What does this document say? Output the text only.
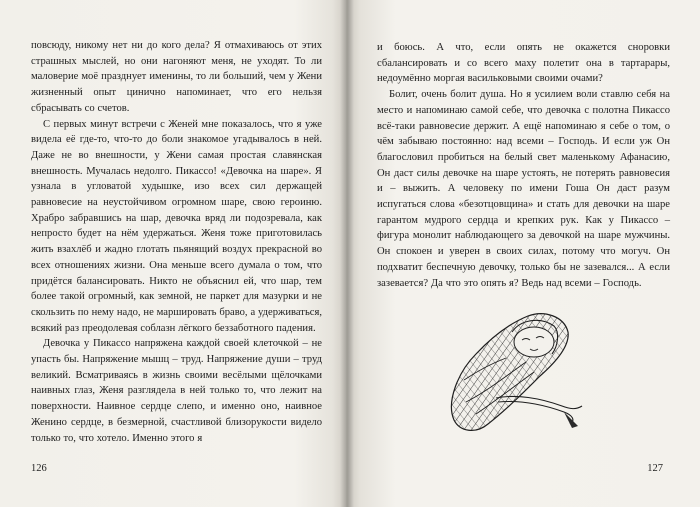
повсюду, никому нет ни до кого дела? Я отмахиваюсь от этих страшных мыслей, но они нагоняют меня, не уходят. То ли маловерие моё празднует именины, то ли больший, чем у Жени жизненный опыт цинично напоминает, что его нельзя сбрасывать со счетов.

С первых минут встречи с Женей мне показалось, что я уже видела её где-то, что-то до боли знакомое угадывалось в ней. Даже не во внешности, у Жени самая простая славянская внешность. Мучалась недолго. Пикассо! «Девочка на шаре». Я узнала в угловатой худышке, изо всех сил держащей равновесие на неустойчивом огромном шаре, свою героиню. Храбро забравшись на шар, девочка вряд ли подозревала, как непросто будет на нём удержаться. Женя тоже приготовилась жить взахлёб и жадно глотать пьянящий воздух прекрасной во всех отношениях жизни. Она меньше всего думала о том, что придётся балансировать. Никто не объяснил ей, что шар, тем более такой огромный, как земной, не паркет для мазурки и не скользить по нему надо, не маршировать браво, а удерживаться, всякий раз преодолевая соблазн лёгкого беззаботного падения.

Девочка у Пикассо напряжена каждой своей клеточкой – не упасть бы. Напряжение мышц – труд. Напряжение души – труд великий. Всматриваясь в жизнь своими весёлыми щёлочками наивных глаз, Женя разглядела в ней только то, что лежит на поверхности. Наивное сердце слепо, и именно оно, наивное Женино сердце, в безмерной, счастливой близорукости видело только то, что хотело. Именно этого я

126

и боюсь. А что, если опять не окажется сноровки сбалансировать и со всего маху полетит она в тартарары, недоумённо моргая васильковыми своими очами?

Болит, очень болит душа. Но я усилием воли ставлю себя на место и напоминаю самой себе, что девочка с полотна Пикассо всё-таки равновесие держит. А ещё напоминаю я себе о том, о чём забываю постоянно: над всеми – Господь. И если уж Он благословил пробиться на белый свет маленькому Афанасию, Он даст силы девочке на шаре устоять, не потерять равновесия и – выжить. А человеку по имени Гоша Он даст разум испугаться слова «безотцовщина» и стать для девочки на шаре гарантом мудрого сердца и крепких рук. Как у Пикассо – фигура монолит наблюдающего за девочкой на шаре мужчины. Он спокоен и уверен в своих силах, потому что могуч. Он подхватит беспечную девочку, только бы не зазевался... А если зазевается? Да что это опять я? Ведь над всеми – Господь.

127
